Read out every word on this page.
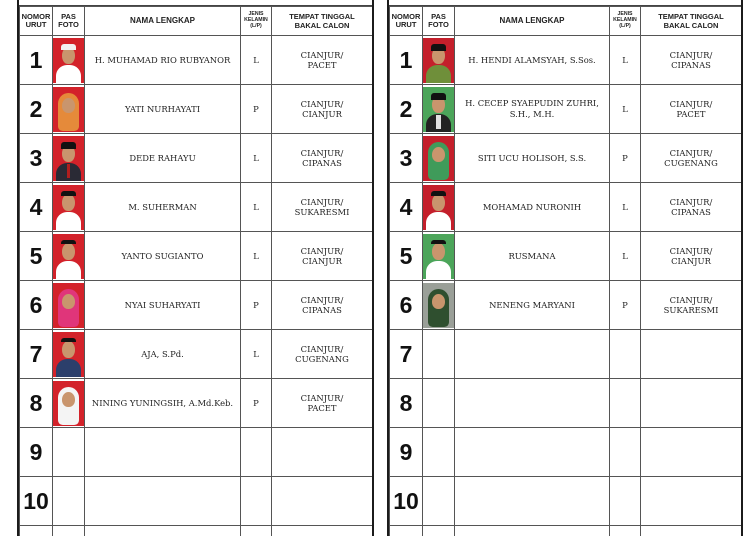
NOMOR
URUT	PAS
FOTO	NAMA LENGKAP	JENIS
KELAMIN
(L/P)	TEMPAT TINGGAL
BAKAL CALON
1		H. MUHAMAD RIO RUBYANOR	L	CIANJUR/
PACET
2		YATI NURHAYATI	P	CIANJUR/
CIANJUR
3		DEDE RAHAYU	L	CIANJUR/
CIPANAS
4		M. SUHERMAN	L	CIANJUR/
SUKARESMI
5		YANTO SUGIANTO	L	CIANJUR/
CIANJUR
6		NYAI SUHARYATI	P	CIANJUR/
CIPANAS
7		AJA, S.Pd.	L	CIANJUR/
CUGENANG
8		NINING YUNINGSIH, A.Md.Keb.	P	CIANJUR/
PACET
9				

10				

NOMOR
URUT	PAS
FOTO	NAMA LENGKAP	JENIS
KELAMIN
(L/P)	TEMPAT TINGGAL
BAKAL CALON
1		H. HENDI ALAMSYAH, S.Sos.	L	CIANJUR/
CIPANAS
2		H. CECEP SYAEPUDIN ZUHRI,
S.H., M.H.	L	CIANJUR/
PACET
3		SITI UCU HOLISOH, S.S.	P	CIANJUR/
CUGENANG
4		MOHAMAD NURONIH	L	CIANJUR/
CIPANAS
5		RUSMANA	L	CIANJUR/
CIANJUR
6		NENENG MARYANI	P	CIANJUR/
SUKARESMI
7				
8				
9				
10				
